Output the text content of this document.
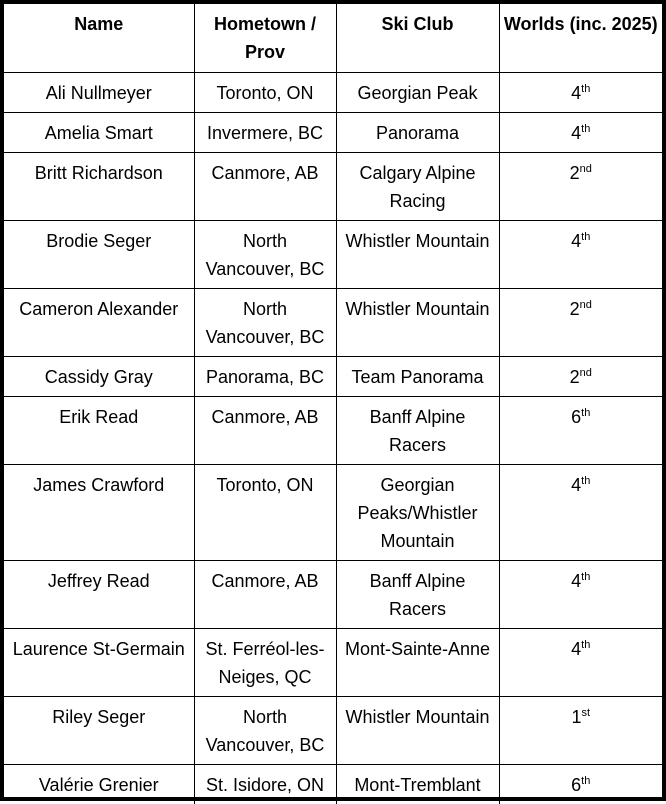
Name	Hometown / Prov	Ski Club	Worlds (inc. 2025)
Ali Nullmeyer	Toronto, ON	Georgian Peak	4th
Amelia Smart	Invermere, BC	Panorama	4th
Britt Richardson	Canmore, AB	Calgary Alpine Racing	2nd
Brodie Seger	North Vancouver, BC	Whistler Mountain	4th
Cameron Alexander	North Vancouver, BC	Whistler Mountain	2nd
Cassidy Gray	Panorama, BC	Team Panorama	2nd
Erik Read	Canmore, AB	Banff Alpine Racers	6th
James Crawford	Toronto, ON	Georgian Peaks/Whistler Mountain	4th
Jeffrey Read	Canmore, AB	Banff Alpine Racers	4th
Laurence St-Germain	St. Ferréol-les-Neiges, QC	Mont-Sainte-Anne	4th
Riley Seger	North Vancouver, BC	Whistler Mountain	1st
Valérie Grenier	St. Isidore, ON	Mont-Tremblant	6th
